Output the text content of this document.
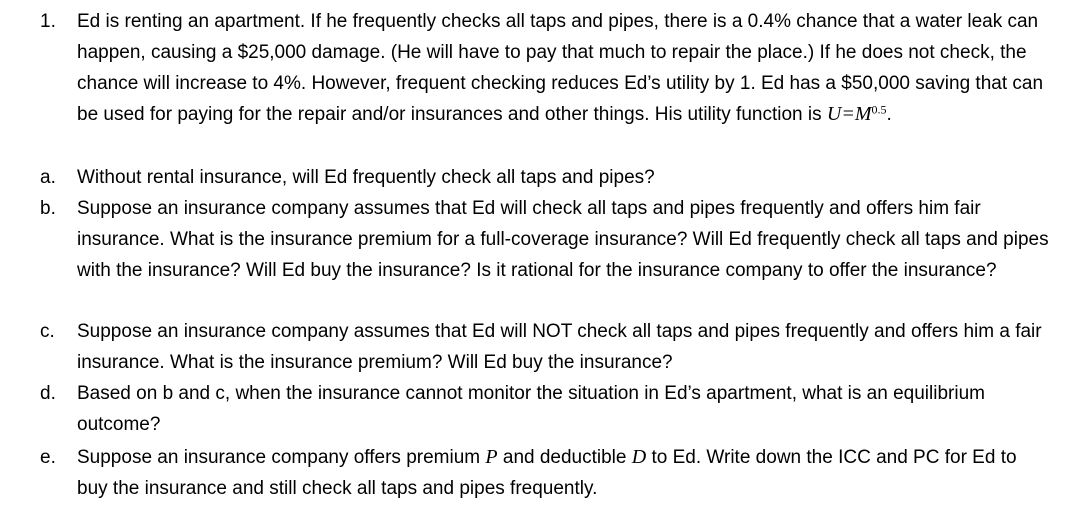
1. Ed is renting an apartment. If he frequently checks all taps and pipes, there is a 0.4% chance that a water leak can happen, causing a $25,000 damage. (He will have to pay that much to repair the place.) If he does not check, the chance will increase to 4%. However, frequent checking reduces Ed’s utility by 1. Ed has a $50,000 saving that can be used for paying for the repair and/or insurances and other things. His utility function is $U=M^{0.5}$.
a. Without rental insurance, will Ed frequently check all taps and pipes?
b. Suppose an insurance company assumes that Ed will check all taps and pipes frequently and offers him fair insurance. What is the insurance premium for a full-coverage insurance? Will Ed frequently check all taps and pipes with the insurance? Will Ed buy the insurance? Is it rational for the insurance company to offer the insurance?
c. Suppose an insurance company assumes that Ed will NOT check all taps and pipes frequently and offers him a fair insurance. What is the insurance premium? Will Ed buy the insurance?
d. Based on b and c, when the insurance cannot monitor the situation in Ed’s apartment, what is an equilibrium outcome?
e. Suppose an insurance company offers premium P and deductible D to Ed. Write down the ICC and PC for Ed to buy the insurance and still check all taps and pipes frequently.
